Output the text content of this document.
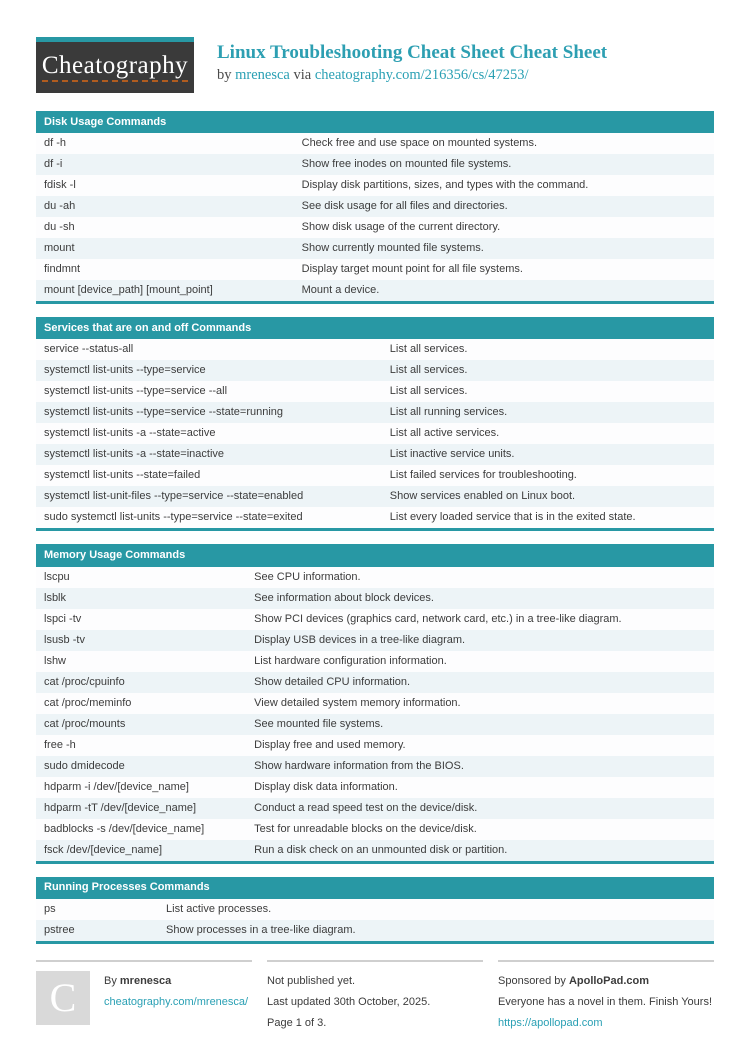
Cheatography Linux Troubleshooting Cheat Sheet Cheat Sheet
by mrenesca via cheatography.com/216356/cs/47253/
Disk Usage Commands
df -h	Check free and use space on mounted systems.
df -i	Show free inodes on mounted file systems.
fdisk -l	Display disk partitions, sizes, and types with the command.
du -ah	See disk usage for all files and directories.
du -sh	Show disk usage of the current directory.
mount	Show currently mounted file systems.
findmnt	Display target mount point for all file systems.
mount [device_path] [mount_point]	Mount a device.
Services that are on and off Commands
service --status-all	List all services.
systemctl list-units --type=service	List all services.
systemctl list-units --type=service --all	List all services.
systemctl list-units --type=service --state=running	List all running services.
systemctl list-units -a --state=active	List all active services.
systemctl list-units -a --state=inactive	List inactive service units.
systemctl list-units --state=failed	List failed services for troubleshooting.
systemctl list-unit-files --type=service --state=enabled	Show services enabled on Linux boot.
sudo systemctl list-units --type=service --state=exited	List every loaded service that is in the exited state.
Memory Usage Commands
lscpu	See CPU information.
lsblk	See information about block devices.
lspci -tv	Show PCI devices (graphics card, network card, etc.) in a tree-like diagram.
lsusb -tv	Display USB devices in a tree-like diagram.
lshw	List hardware configuration information.
cat /proc/cpuinfo	Show detailed CPU information.
cat /proc/meminfo	View detailed system memory information.
cat /proc/mounts	See mounted file systems.
free -h	Display free and used memory.
sudo dmidecode	Show hardware information from the BIOS.
hdparm -i /dev/[device_name]	Display disk data information.
hdparm -tT /dev/[device_name]	Conduct a read speed test on the device/disk.
badblocks -s /dev/[device_name]	Test for unreadable blocks on the device/disk.
fsck /dev/[device_name]	Run a disk check on an unmounted disk or partition.
Running Processes Commands
ps	List active processes.
pstree	Show processes in a tree-like diagram.
C	By mrenesca
cheatography.com/mrenesca/
Not published yet.
Last updated 30th October, 2025.
Page 1 of 3.
Sponsored by ApolloPad.com
Everyone has a novel in them. Finish Yours!
https://apollopad.com
